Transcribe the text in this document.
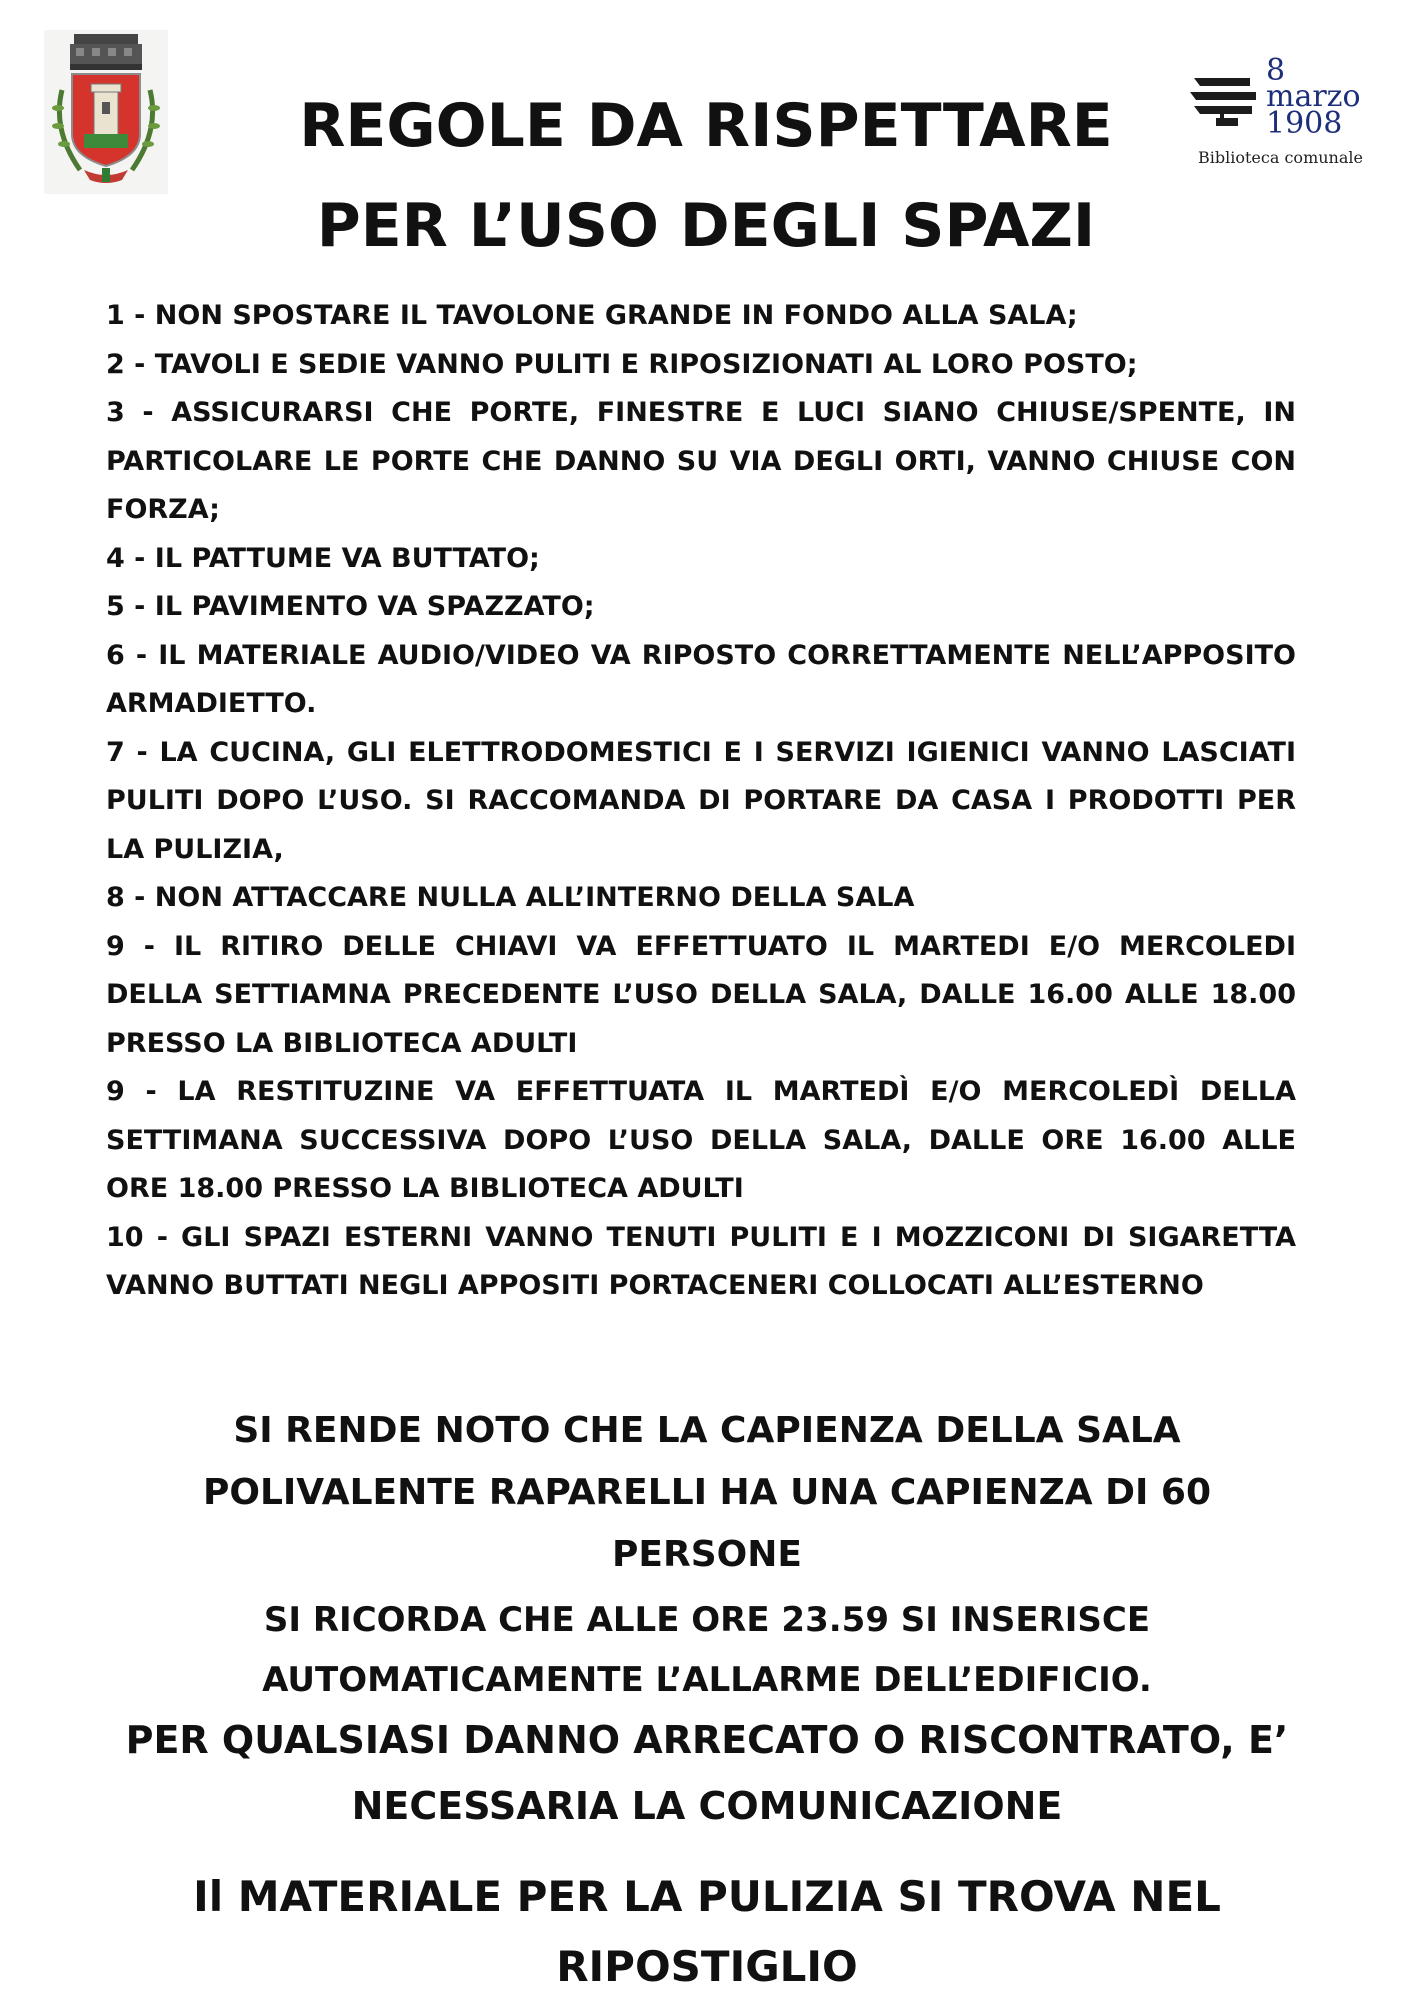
8
marzo
1908
Biblioteca comunale
REGOLE DA RISPETTARE
PER L’USO DEGLI SPAZI
1 - NON SPOSTARE IL TAVOLONE GRANDE IN FONDO ALLA SALA;
2 - TAVOLI E SEDIE VANNO PULITI E RIPOSIZIONATI AL LORO POSTO;
3 - ASSICURARSI CHE PORTE, FINESTRE E LUCI SIANO CHIUSE/SPENTE, IN PARTICOLARE LE PORTE CHE DANNO SU VIA DEGLI ORTI, VANNO CHIUSE CON FORZA;
4 - IL PATTUME VA BUTTATO;
5 - IL PAVIMENTO VA SPAZZATO;
6 - IL MATERIALE AUDIO/VIDEO VA RIPOSTO CORRETTAMENTE NELL’APPOSITO ARMADIETTO.
7 - LA CUCINA, GLI ELETTRODOMESTICI E I SERVIZI IGIENICI VANNO LASCIATI PULITI DOPO L’USO. SI RACCOMANDA DI PORTARE DA CASA I PRODOTTI PER LA PULIZIA,
8 - NON ATTACCARE NULLA ALL’INTERNO DELLA SALA
9 - IL RITIRO DELLE CHIAVI VA EFFETTUATO IL MARTEDI E/O MERCOLEDI DELLA SETTIAMNA PRECEDENTE L’USO DELLA SALA, DALLE 16.00 ALLE 18.00 PRESSO LA BIBLIOTECA ADULTI
9 - LA RESTITUZINE VA EFFETTUATA IL MARTEDÌ E/O MERCOLEDÌ DELLA SETTIMANA SUCCESSIVA DOPO L’USO DELLA SALA, DALLE ORE 16.00 ALLE ORE 18.00 PRESSO LA BIBLIOTECA ADULTI
10 - GLI SPAZI ESTERNI VANNO TENUTI PULITI E I MOZZICONI DI SIGARETTA VANNO BUTTATI NEGLI APPOSITI PORTACENERI COLLOCATI ALL’ESTERNO

SI RENDE NOTO CHE LA CAPIENZA DELLA SALA POLIVALENTE RAPARELLI HA UNA CAPIENZA DI 60 PERSONE

SI RICORDA CHE ALLE ORE 23.59 SI INSERISCE AUTOMATICAMENTE L’ALLARME DELL’EDIFICIO.

PER QUALSIASI DANNO ARRECATO O RISCONTRATO, E’ NECESSARIA LA COMUNICAZIONE

Il MATERIALE PER LA PULIZIA SI TROVA NEL RIPOSTIGLIO
